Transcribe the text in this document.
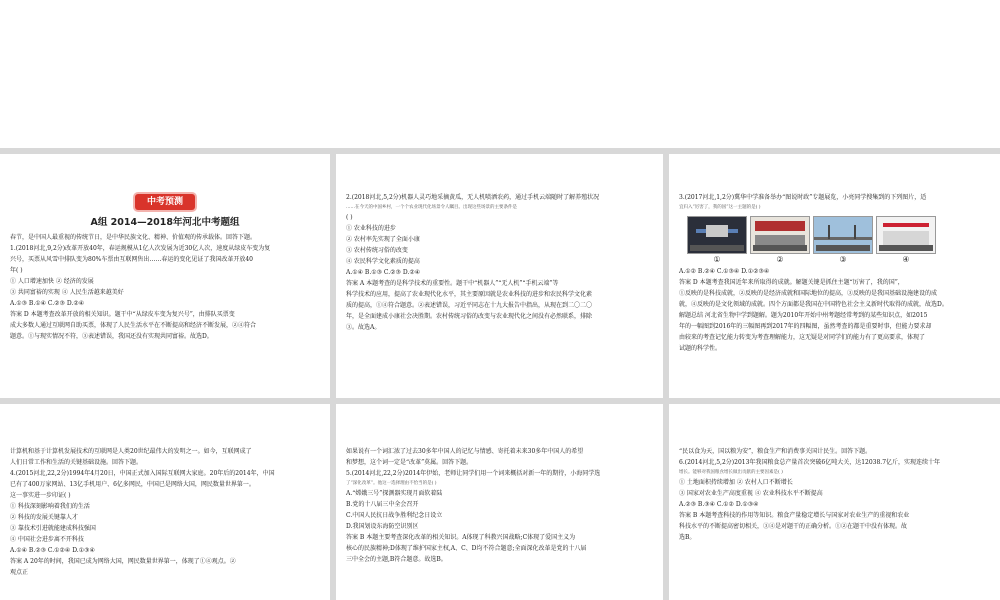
中考预测
A组 2014—2018年河北中考题组

春节，是中国人最重视的传统节日，是中华民族文化、精神、价值观的传承载体。回答下题。

1.(2018河北,9,2分)改革开放40年，春运规模从1亿人次发展为近30亿人次，速度从绿皮车变为复

兴号，买票从风雪中排队变为80%车票由互联网售出……春运的变化见证了我国改革开放40

年( )

① 人口增速加快 ② 经济的发展

③ 共同富裕的实现 ④ 人民生活越来越美好

A.①③ B.①④ C.②③ D.②④

答案 D 本题考查改革开放的相关知识。题干中“从绿皮车变为复兴号”，由排队买票变

成大多数人通过互联网自助买票，体现了人民生活水平在不断提高和经济不断发展，②④符合

题意。①与现实情况不符，③表述错误，我国还没有实现共同富裕。故选D。

2.(2018河北,5,2分)机器人灵巧地采摘黄瓜，无人机喷洒农药，通过手机云端随时了解养殖状况

……在今天的中国乡村，一个个农业现代化场景令人瞩目。出现这些场景的主要条件是

( )

① 农业科技的进步

② 农村率先实现了全面小康

③ 农村传统习俗的改变

④ 农民科学文化素质的提高

A.①④ B.①③ C.②③ D.②④

答案 A 本题考查的是科学技术的重要性。题干中“机器人”“无人机”“手机云端”等

科学技术的应用，提高了农业现代化水平，其主要原因就是农业科技的进步和农民科学文化素

质的提高，①④符合题意。②表述错误，习近平同志在十九大报告中指出，从现在到二〇二〇

年，是全面建成小康社会决胜期。农村传统习俗的改变与农业现代化之间没有必然联系，排除

③。故选A。

3.(2017河北,1,2分)冀华中学准备举办“图说时政”专题展览，小亮同学搜集到的下列图片，适

宜归入“厉害了，我的国”这一主题的是( )

①	②	③	④

A.①② B.②④ C.①③④ D.①②③④

答案 D 本题考查我国近年来所取得的成就。解题关键是抓住主题“厉害了，我的国”，

①反映的是科技成就，②反映的是经济成就和国际地位的提高，③反映的是我国基础设施建设的成

就，④反映的是文化领域的成就。四个方面都是我国在中国特色社会主义新时代取得的成就，故选D。

解题总结 河北省生物中学到题解。题为2010年开始中州考题经常考到的某些知识点，如2015

年的一幅图到2016年的三幅图再到2017年的四幅图，虽然考查的都是重要时事，但能力要求却

由较来的考查记忆能力转变为考查理解能力，这无疑是对同学们的能力有了更高要求，体现了

试题的科学性。

计算机和基于计算机发展技术的互联网是人类20世纪最伟大的发明之一。如今，互联网成了

人们日常工作和生活的关键基础设施。回答下题。

4.(2015河北,22,2分)1994年4月20日，中国正式加入国际互联网大家庭。20年后的2014年，中国

已有了400万家网站、13亿手机用户、6亿多网民，中国已是网络大国，网民数量世界第一。

这一事实进一步印证( )

① 科技深刻影响着我们的生活

② 科技的发展关键靠人才

③ 靠技术引进就能建成科技强国

④ 中国社会进步离不开科技

A.①④ B.②③ C.①②④ D.①③④

答案 A 20年的时间，我国已成为网络大国，网民数量世界第一，体现了①④观点。②

观点正

如果说有一个词汇浓了过去30多年中国人的记忆与情感、寄托着未来30多年中国人的希望

和梦想，这个词一定是“改革”莫属。回答下题。

5.(2014河北,22,2分)2014年伊始，老师让同学们用一个词来概括对新一年的期待，小海同学选

了“深化改革”。他这一选择理由不恰当的是( )

A.“嫦娥三号”探测器实现月面软着陆

B.党的十八届三中全会召开

C.中国人民抗日战争胜利纪念日设立

D.我国划设东海防空识别区

答案 B 本题主要考查深化改革的相关知识。A体现了科教兴国战略;C体现了爱国主义为

核心的民族精神;D体现了维护国家主权,A、C、D均不符合题意;全面深化改革是党的十八届

三中全会的主题,B符合题意。故选B。

“民以食为天，国以粮为安”，粮食生产和消费事关国计民生。回答下题。

6.(2014河北,5,2分)2013年我国粮食总产量首次突破6亿吨大关，达12038.7亿斤，实现连续十年

增长。能够对我国粮食增长做出贡献的主要因素是( )

① 土地面积持续增加 ② 农村人口不断增长

③ 国家对农业生产高度重视 ④ 农业科技水平不断提高

A.②③ B.③④ C.①② D.①③④

答案 B 本题考查科技的作用等知识。粮食产量稳定增长与国家对农业生产的重视和农业

科技水平的不断提高密切相关，③④是对题干的正确分析。①②在题干中没有体现。故

选B。
